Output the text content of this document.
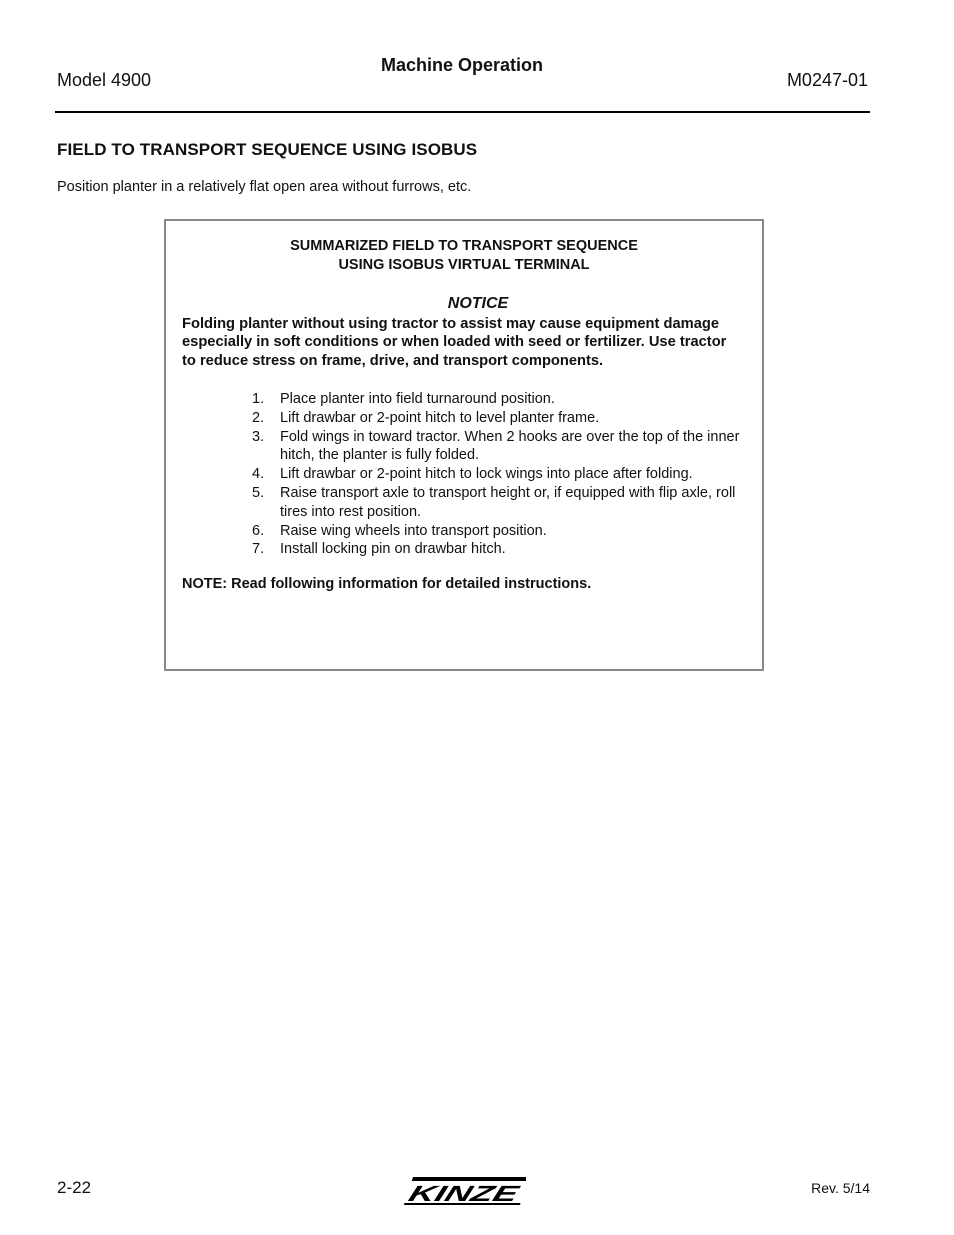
Model 4900
Machine Operation
M0247-01
FIELD TO TRANSPORT SEQUENCE USING ISOBUS
Position planter in a relatively flat open area without furrows, etc.
SUMMARIZED FIELD TO TRANSPORT SEQUENCE
USING ISOBUS VIRTUAL TERMINAL
NOTICE
Folding planter without using tractor to assist may cause equipment damage
especially in soft conditions or when loaded with seed or fertilizer. Use tractor
to reduce stress on frame, drive, and transport components.
1. Place planter into field turnaround position.
2. Lift drawbar or 2-point hitch to level planter frame.
3. Fold wings in toward tractor. When 2 hooks are over the top of the inner hitch, the planter is fully folded.
4. Lift drawbar or 2-point hitch to lock wings into place after folding.
5. Raise transport axle to transport height or, if equipped with flip axle, roll tires into rest position.
6. Raise wing wheels into transport position.
7. Install locking pin on drawbar hitch.
NOTE: Read following information for detailed instructions.
2-22	KINZE	Rev. 5/14
